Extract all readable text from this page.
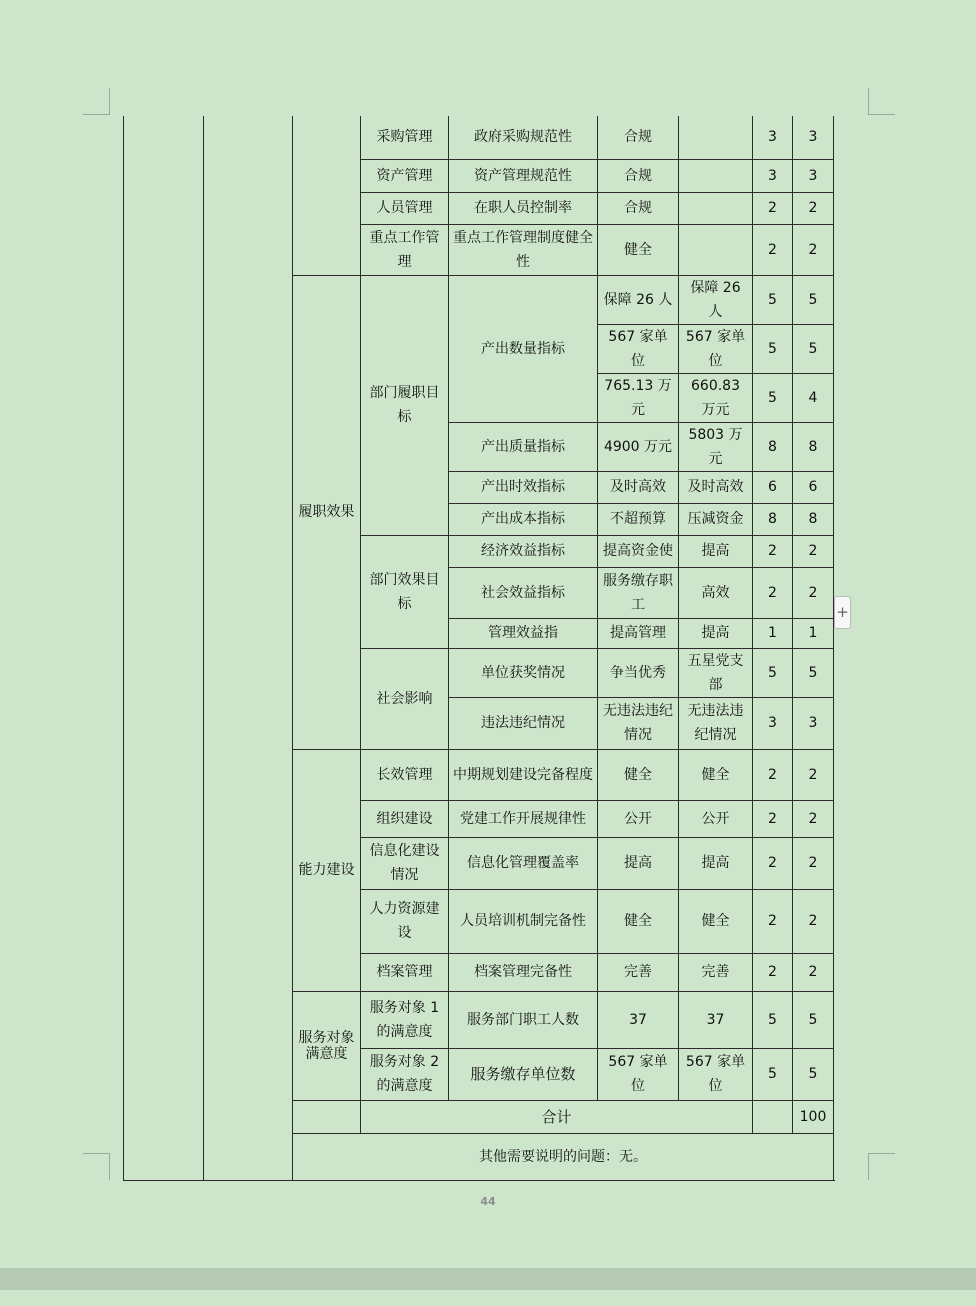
			采购管理	政府采购规范性	合规		3	3	
			资产管理	资产管理规范性	合规		3	3	
			人员管理	在职人员控制率	合规		2	2	
			重点工作管理	重点工作管理制度健全性	健全		2	2	
		履职效果	部门履职目标	产出数量指标	保障 26 人	保障 26 人	5	5	
					567 家单位	567 家单位	5	5	
					765.13 万元	660.83 万元	5	4	
				产出质量指标	4900 万元	5803 万元	8	8	
				产出时效指标	及时高效	及时高效	6	6	
				产出成本指标	不超预算	压减资金	8	8	
			部门效果目标	经济效益指标	提高资金使	提高	2	2	
				社会效益指标	服务缴存职工	高效	2	2	
				管理效益指	提高管理	提高	1	1	
			社会影响	单位获奖情况	争当优秀	五星党支部	5	5	
				违法违纪情况	无违法违纪情况	无违法违纪情况	3	3	
		能力建设	长效管理	中期规划建设完备程度	健全	健全	2	2	
			组织建设	党建工作开展规律性	公开	公开	2	2	
			信息化建设情况	信息化管理覆盖率	提高	提高	2	2	
			人力资源建设	人员培训机制完备性	健全	健全	2	2	
			档案管理	档案管理完备性	完善	完善	2	2	
		服务对象满意度	服务对象 1 的满意度	服务部门职工人数	37	37	5	5	
			服务对象 2 的满意度	服务缴存单位数	567 家单位	567 家单位	5	5	
			合计					100	
		其他需要说明的问题：无。							
+
44
